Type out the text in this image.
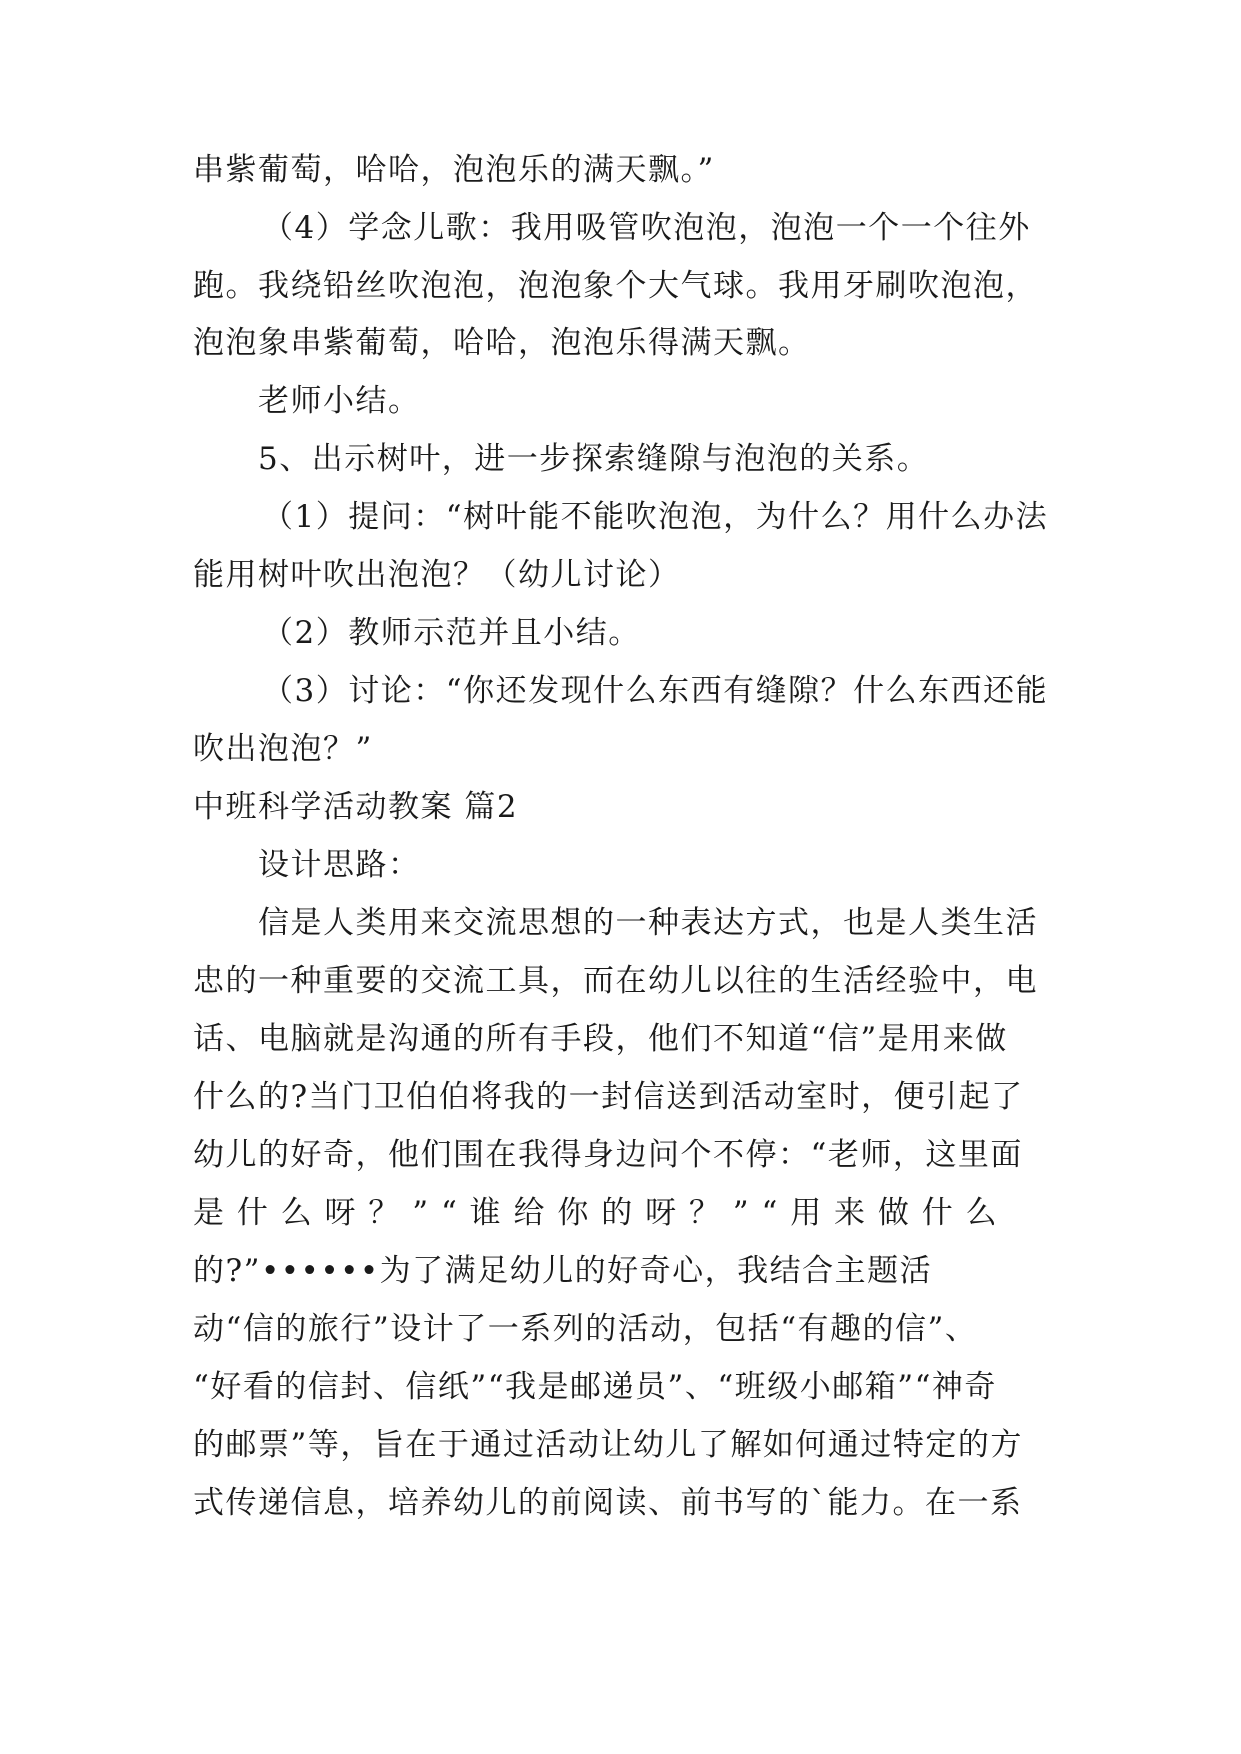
串紫葡萄，哈哈，泡泡乐的满天飘。”
（4）学念儿歌：我用吸管吹泡泡，泡泡一个一个往外
跑。我绕铅丝吹泡泡，泡泡象个大气球。我用牙刷吹泡泡，
泡泡象串紫葡萄，哈哈，泡泡乐得满天飘。
老师小结。
5、出示树叶，进一步探索缝隙与泡泡的关系。
（1）提问：“树叶能不能吹泡泡，为什么？用什么办法
能用树叶吹出泡泡？（幼儿讨论）
（2）教师示范并且小结。
（3）讨论：“你还发现什么东西有缝隙？什么东西还能
吹出泡泡？”
中班科学活动教案 篇2
设计思路：
信是人类用来交流思想的一种表达方式，也是人类生活
忠的一种重要的交流工具，而在幼儿以往的生活经验中，电
话、电脑就是沟通的所有手段，他们不知道“信”是用来做
什么的?当门卫伯伯将我的一封信送到活动室时，便引起了
幼儿的好奇，他们围在我得身边问个不停：“老师，这里面
是 什 么 呀 ？ ” “ 谁 给 你 的 呀 ？ ” “ 用 来 做 什 么
的?”••••••为了满足幼儿的好奇心，我结合主题活
动“信的旅行”设计了一系列的活动，包括“有趣的信”、
“好看的信封、信纸”“我是邮递员”、“班级小邮箱”“神奇
的邮票”等，旨在于通过活动让幼儿了解如何通过特定的方
式传递信息，培养幼儿的前阅读、前书写的`能力。在一系
